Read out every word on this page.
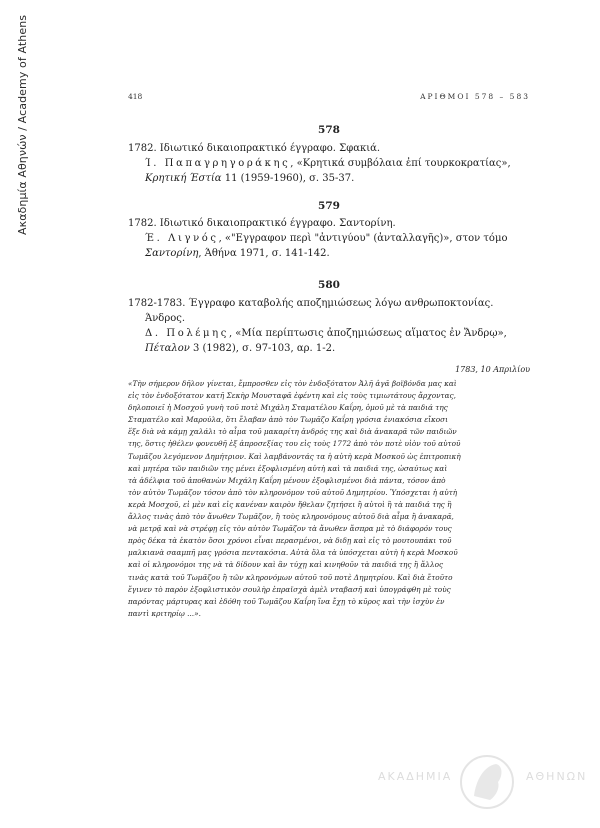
Ακαδημία Αθηνών / Academy of Athens	418	ΑΡΙΘΜΟΙ 578 – 583
578
1782. Ιδιωτικό δικαιοπρακτικό έγγραφο. Σφακιά.
Ί. Παπαγρηγοράκης, «Κρητικά συμβόλαια ἐπί τουρκοκρατίας»,
Κρητική Έστία 11 (1959-1960), σ. 35-37.
579
1782. Ιδιωτικό δικαιοπρακτικό έγγραφο. Σαντορίνη.
Έ. Λιγνός, «"Εγγραφον περὶ "ἀντιγύου" (ἀνταλλαγῆς)», στον τόμο
Σαντορίνη, Άθήνα 1971, σ. 141-142.
580
1782-1783. Έγγραφο καταβολής αποζημιώσεως λόγω ανθρωποκτονίας.
Άνδρος.
Δ. Πολέμης, «Μία περίπτωσις ἀποζημιώσεως αἵματος ἐν Ἄνδρῳ»,
Πέταλον 3 (1982), σ. 97-103, αρ. 1-2.
1783, 10 Απριλίου
«Τὴν σήμερον δῆλον γίνεται, ἔμπροσθεν εἰς τὸν ἐνδοξότατον Ἀλῆ ἀγᾶ βοϊβόνδα μας καὶ
εἰς τὸν ἐνδοξότατον κατῆ Σεκὴρ Μουσταφᾶ ἐφέντη καὶ εἰς τοὺς τιμιωτάτους ἄρχοντας,
δηλοποιεῖ ἡ Μοσχοῦ γυνὴ τοῦ ποτὲ Μιχάλη Σταματέλου Καΐρη, ὁμοῦ μὲ τὰ παιδιά της
Σταματέλο καὶ Μαρούλα, ὅτι ἔλαβαν ἀπὸ τὸν Τωμᾶζο Καΐρη γρόσια ἑνιακόσια εἴκοσι
ἕξε διὰ νὰ κάμῃ χαλάλι τὸ αἷμα τοῦ μακαρίτη ἀνδρός της καὶ διὰ ἀνακαρᾶ τῶν παιδιῶν
της, ὅστις ἠθέλεν φονευθῆ ἐξ ἀπροσεξίας του εἰς τοὺς 1772 ἀπὸ τὸν ποτὲ υἱὸν τοῦ αὐτοῦ
Τωμᾶζου λεγόμενον Δημήτριον. Καὶ λαμβάνοντάς τα ἡ αὐτὴ κερὰ Μοσκοῦ ὡς ἐπιτροπικὴ
καὶ μητέρα τῶν παιδιῶν της μένει ἐξοφλισμένη αὐτὴ καὶ τὰ παιδιά της, ὡσαύτως καὶ
τὰ ἀδέλφια τοῦ ἀποθανὼν Μιχάλη Καΐρη μένουν ἐξοφλισμένοι διὰ πάντα, τόσον ἀπὸ
τὸν αὐτὸν Τωμᾶζον τόσον ἀπὸ τὸν κληρονόμον τοῦ αὐτοῦ Δημητρίου. Ὑπόσχεται ἡ αὐτὴ
κερὰ Μοσχοῦ, εἰ μὲν καὶ εἰς κανέναν καιρὸν ἤθελαν ζητήσει ἢ αὐτοὶ ἢ τὰ παιδιά της ἢ
ἄλλος τινὰς ἀπὸ τὸν ἄνωθεν Τωμᾶζον, ἢ τοὺς κληρονόμους αὐτοῦ διὰ αἷμα ἢ ἀνακαρᾶ,
νὰ μετρᾷ καὶ νὰ στρέφῃ εἰς τὸν αὐτὸν Τωμᾶζον τὰ ἄνωθεν ἄσπρα μὲ τὸ διάφορόν τους
πρὸς δέκα τὰ ἑκατὸν ὅσοι χρόνοι εἶναι περασμένοι, νὰ διδῃ καὶ εἰς τὸ μουτουπάκι τοῦ
μαλκιανὰ σααμπῆ μας γρόσια πεντακόσια. Αὐτὰ ὅλα τὰ ὑπόσχεται αὐτὴ ἡ κερὰ Μοσκοῦ
καὶ οἱ κληρονόμοι της νὰ τὰ δίδουν καὶ ἂν τύχῃ καὶ κινηθοῦν τὰ παιδιά της ἢ ἄλλος
τινὰς κατὰ τοῦ Τωμᾶζου ἢ τῶν κληρονόμων αὐτοῦ τοῦ ποτὲ Δημητρίου. Καὶ διὰ ἔτοῦτο
ἔγινεν τὸ παρὸν ἐξοφλιστικὸν σουλὴρ ἐπραϊσχὰ ἀμὲλ νταβασῆ καὶ ὑπογράφθη μὲ τοὺς
παρόντας μάρτυρας καὶ ἐδόθη τοῦ Τωμᾶζου Καΐρη ἵνα ἔχῃ τὸ κῦρος καὶ τὴν ἰσχὺν ἐν
παντὶ κριτηρίῳ ...».
ΑΚΑΔΗΜΙΑ	ΑΘΗΝΩΝ
